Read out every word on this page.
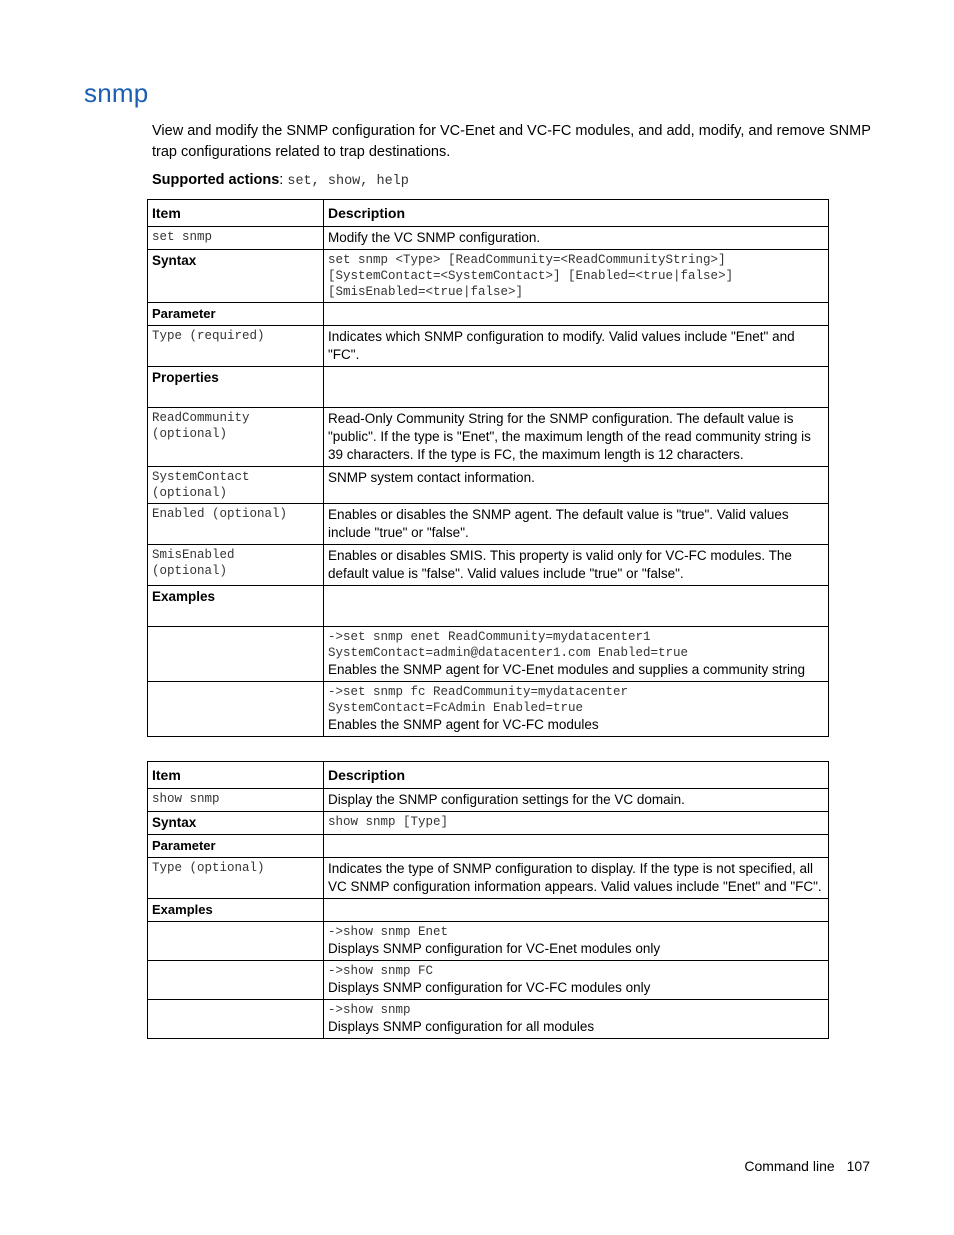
snmp

View and modify the SNMP configuration for VC-Enet and VC-FC modules, and add, modify, and remove SNMP trap configurations related to trap destinations.

Supported actions: set, show, help
Item	Description

set snmp	Modify the VC SNMP configuration.
Syntax	set snmp <Type> [ReadCommunity=<ReadCommunityString>]
[SystemContact=<SystemContact>] [Enabled=<true|false>]
[SmisEnabled=<true|false>]

Parameter	

Type (required)	Indicates which SNMP configuration to modify. Valid values include "Enet" and "FC".
Properties	

ReadCommunity
(optional)	Read-Only Community String for the SNMP configuration. The default value is "public". If the type is "Enet", the maximum length of the read community string is 39 characters. If the type is FC, the maximum length is 12 characters.

SystemContact
(optional)	SNMP system contact information.

Enabled (optional)	Enables or disables the SNMP agent. The default value is "true". Valid values include "true" or "false".

SmisEnabled
(optional)	Enables or disables SMIS. This property is valid only for VC-FC modules. The default value is "false". Valid values include "true" or "false".
Examples	

	->set snmp enet ReadCommunity=mydatacenter1
SystemContact=admin@datacenter1.com Enabled=true
Enables the SNMP agent for VC-Enet modules and supplies a community string

	->set snmp fc ReadCommunity=mydatacenter
SystemContact=FcAdmin Enabled=true
Enables the SNMP agent for VC-FC modules
Item	Description

show snmp	Display the SNMP configuration settings for the VC domain.
Syntax	show snmp [Type]

Parameter	

Type (optional)	Indicates the type of SNMP configuration to display. If the type is not specified, all VC SNMP configuration information appears. Valid values include "Enet" and "FC".
Examples	

	->show snmp Enet
Displays SNMP configuration for VC-Enet modules only

	->show snmp FC
Displays SNMP configuration for VC-FC modules only

	->show snmp
Displays SNMP configuration for all modules
Command line 107
